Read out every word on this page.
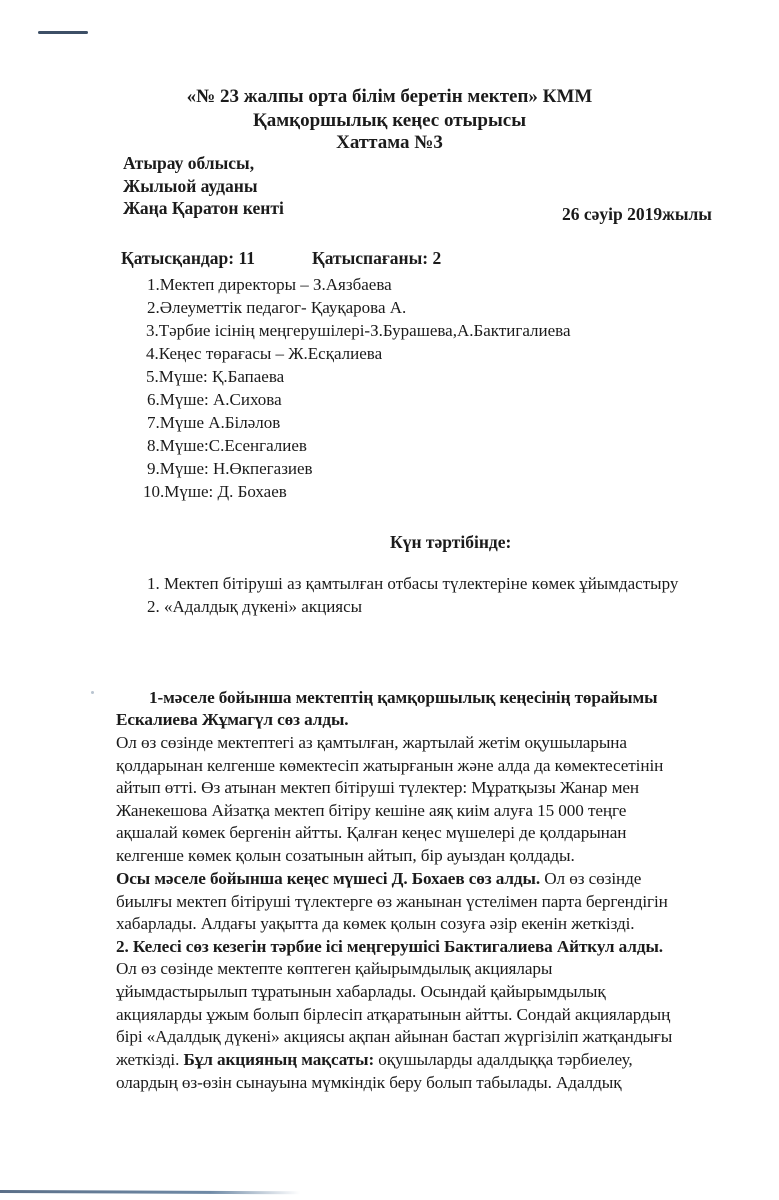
«№ 23 жалпы орта білім беретін мектеп» КММ
Қамқоршылық кеңес отырысы
Хаттама №3
Атырау облысы,
Жылыой ауданы
Жаңа Қаратон кенті	26 сәуір 2019жылы
Қатысқандар: 11	Қатыспағаны: 2
1.Мектеп директоры – З.Аязбаева
2.Әлеуметтік педагог- Қауқарова А.
3.Тәрбие ісінің меңгерушілері-З.Бурашева,А.Бактигалиева
4.Кеңес төрағасы – Ж.Есқалиева
5.Мүше: Қ.Бапаева
6.Мүше: А.Сихова
7.Мүше А.Біләлов
8.Мүше:С.Есенгалиев
9.Мүше: Н.Өкпегазиев
10.Мүше: Д. Бохаев
Күн тәртібінде:
1. Мектеп бітіруші аз қамтылған отбасы түлектеріне көмек ұйымдастыру
2. «Адалдық дүкені» акциясы
1-мәселе бойынша мектептің қамқоршылық кеңесінің төрайымы
Ескалиева Жұмагүл сөз алды.
Ол өз сөзінде мектептегі аз қамтылған, жартылай жетім оқушыларына
қолдарынан келгенше көмектесіп жатырғанын және алда да көмектесетінін
айтып өтті. Өз атынан мектеп бітіруші түлектер: Мұратқызы Жанар мен
Жанекешова Айзатқа мектеп бітіру кешіне аяқ киім алуға 15 000 теңге
ақшалай көмек бергенін айтты. Қалған кеңес мүшелері де қолдарынан
келгенше көмек қолын созатынын айтып, бір ауыздан қолдады.
Осы мәселе бойынша кеңес мүшесі Д. Бохаев сөз алды. Ол өз сөзінде
биылғы мектеп бітіруші түлектерге өз жанынан үстелімен парта бергендігін
хабарлады. Алдағы уақытта да көмек қолын созуға әзір екенін жеткізді.
2. Келесі сөз кезегін тәрбие ісі меңгерушісі Бактигалиева Айткул алды.
Ол өз сөзінде мектепте көптеген қайырымдылық акциялары
ұйымдастырылып тұратынын хабарлады. Осындай қайырымдылық
акцияларды ұжым болып бірлесіп атқаратынын айтты. Сондай акциялардың
бірі «Адалдық дүкені» акциясы ақпан айынан бастап жүргізіліп жатқандығы
жеткізді. Бұл акцияның мақсаты: оқушыларды адалдыққа тәрбиелеу,
олардың өз-өзін сынауына мүмкіндік беру болып табылады. Адалдық
